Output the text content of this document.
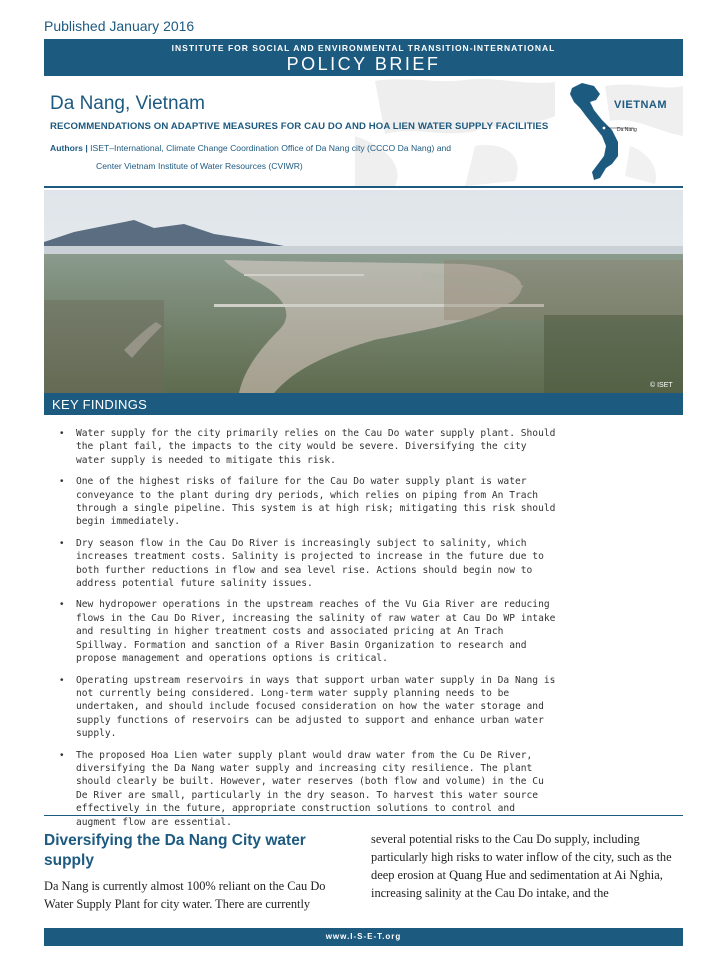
Published January 2016
INSTITUTE FOR SOCIAL AND ENVIRONMENTAL TRANSITION-INTERNATIONAL
POLICY BRIEF
Da Nang, Vietnam
RECOMMENDATIONS ON ADAPTIVE MEASURES FOR CAU DO AND HOA LIEN WATER SUPPLY FACILITIES
Authors | ISET–International, Climate Change Coordination Office of Da Nang city (CCCO Da Nang) and
Center Vietnam Institute of Water Resources (CVIWR)
VIETNAM
Da Nang
© ISET
KEY FINDINGS
• Water supply for the city primarily relies on the Cau Do water supply plant. Should the plant fail, the impacts to the city would be severe. Diversifying the city water supply is needed to mitigate this risk.
• One of the highest risks of failure for the Cau Do water supply plant is water conveyance to the plant during dry periods, which relies on piping from An Trach through a single pipeline. This system is at high risk; mitigating this risk should begin immediately.
• Dry season flow in the Cau Do River is increasingly subject to salinity, which increases treatment costs. Salinity is projected to increase in the future due to both further reductions in flow and sea level rise. Actions should begin now to address potential future salinity issues.
• New hydropower operations in the upstream reaches of the Vu Gia River are reducing flows in the Cau Do River, increasing the salinity of raw water at Cau Do WP intake and resulting in higher treatment costs and associated pricing at An Trach Spillway. Formation and sanction of a River Basin Organization to research and propose management and operations options is critical.
• Operating upstream reservoirs in ways that support urban water supply in Da Nang is not currently being considered. Long-term water supply planning needs to be undertaken, and should include focused consideration on how the water storage and supply functions of reservoirs can be adjusted to support and enhance urban water supply.
• The proposed Hoa Lien water supply plant would draw water from the Cu De River, diversifying the Da Nang water supply and increasing city resilience. The plant should clearly be built. However, water reserves (both flow and volume) in the Cu De River are small, particularly in the dry season. To harvest this water source effectively in the future, appropriate construction solutions to control and augment flow are essential.
Diversifying the Da Nang City water supply
Da Nang is currently almost 100% reliant on the Cau Do Water Supply Plant for city water. There are currently
several potential risks to the Cau Do supply, including particularly high risks to water inflow of the city, such as the deep erosion at Quang Hue and sedimentation at Ai Nghia, increasing salinity at the Cau Do intake, and the
www.I-S-E-T.org
